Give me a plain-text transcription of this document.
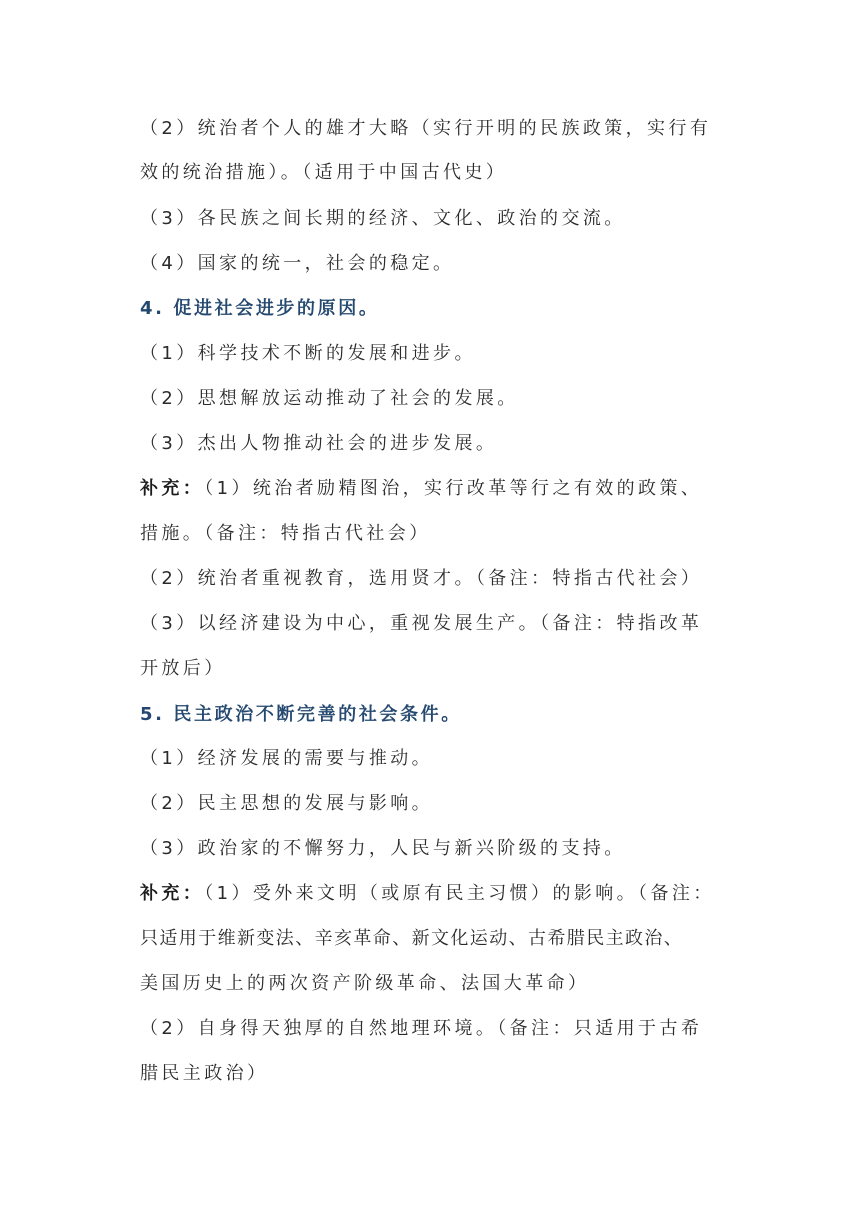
（2）统治者个人的雄才大略（实行开明的民族政策，实行有
效的统治措施）。（适用于中国古代史）
（3）各民族之间长期的经济、文化、政治的交流。
（4）国家的统一，社会的稳定。
4. 促进社会进步的原因。
（1）科学技术不断的发展和进步。
（2）思想解放运动推动了社会的发展。
（3）杰出人物推动社会的进步发展。
补充：（1）统治者励精图治，实行改革等行之有效的政策、
措施。（备注：特指古代社会）
（2）统治者重视教育，选用贤才。（备注：特指古代社会）
（3）以经济建设为中心，重视发展生产。（备注：特指改革
开放后）
5. 民主政治不断完善的社会条件。
（1）经济发展的需要与推动。
（2）民主思想的发展与影响。
（3）政治家的不懈努力，人民与新兴阶级的支持。
补充：（1）受外来文明（或原有民主习惯）的影响。（备注：
只适用于维新变法、辛亥革命、新文化运动、古希腊民主政治、
美国历史上的两次资产阶级革命、法国大革命）
（2）自身得天独厚的自然地理环境。（备注：只适用于古希
腊民主政治）
